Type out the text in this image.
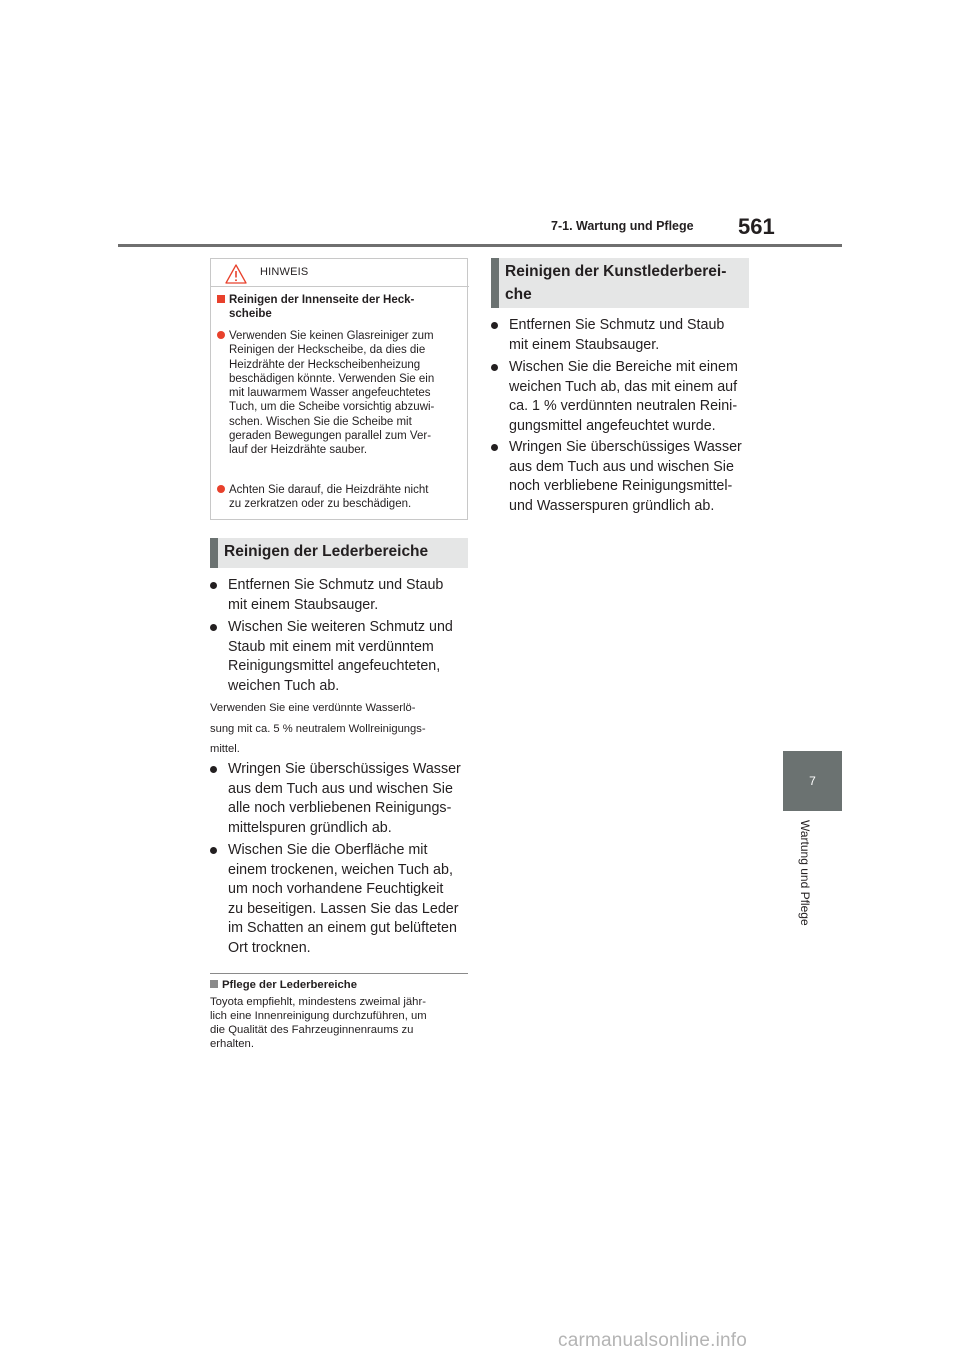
7-1. Wartung und Pflege 561
7
Wartung und Pflege
HINWEIS
Reinigen der Innenseite der Heck-
scheibe
Verwenden Sie keinen Glasreiniger zum
Reinigen der Heckscheibe, da dies die
Heizdrähte der Heckscheibenheizung
beschädigen könnte. Verwenden Sie ein
mit lauwarmem Wasser angefeuchtetes
Tuch, um die Scheibe vorsichtig abzuwi-
schen. Wischen Sie die Scheibe mit
geraden Bewegungen parallel zum Ver-
lauf der Heizdrähte sauber.
Achten Sie darauf, die Heizdrähte nicht
zu zerkratzen oder zu beschädigen.
Reinigen der Lederbereiche
Entfernen Sie Schmutz und Staub
mit einem Staubsauger.
Wischen Sie weiteren Schmutz und
Staub mit einem mit verdünntem
Reinigungsmittel angefeuchteten,
weichen Tuch ab.
Verwenden Sie eine verdünnte Wasserlö-
sung mit ca. 5 % neutralem Wollreinigungs-
mittel.
Wringen Sie überschüssiges Wasser
aus dem Tuch aus und wischen Sie
alle noch verbliebenen Reinigungs-
mittelspuren gründlich ab.
Wischen Sie die Oberfläche mit
einem trockenen, weichen Tuch ab,
um noch vorhandene Feuchtigkeit
zu beseitigen. Lassen Sie das Leder
im Schatten an einem gut belüfteten
Ort trocknen.
Pflege der Lederbereiche
Toyota empfiehlt, mindestens zweimal jähr-
lich eine Innenreinigung durchzuführen, um
die Qualität des Fahrzeuginnenraums zu
erhalten.
Reinigen der Kunstlederberei-
che
Entfernen Sie Schmutz und Staub
mit einem Staubsauger.
Wischen Sie die Bereiche mit einem
weichen Tuch ab, das mit einem auf
ca. 1 % verdünnten neutralen Reini-
gungsmittel angefeuchtet wurde.
Wringen Sie überschüssiges Wasser
aus dem Tuch aus und wischen Sie
noch verbliebene Reinigungsmittel-
und Wasserspuren gründlich ab.
carmanualsonline.info
